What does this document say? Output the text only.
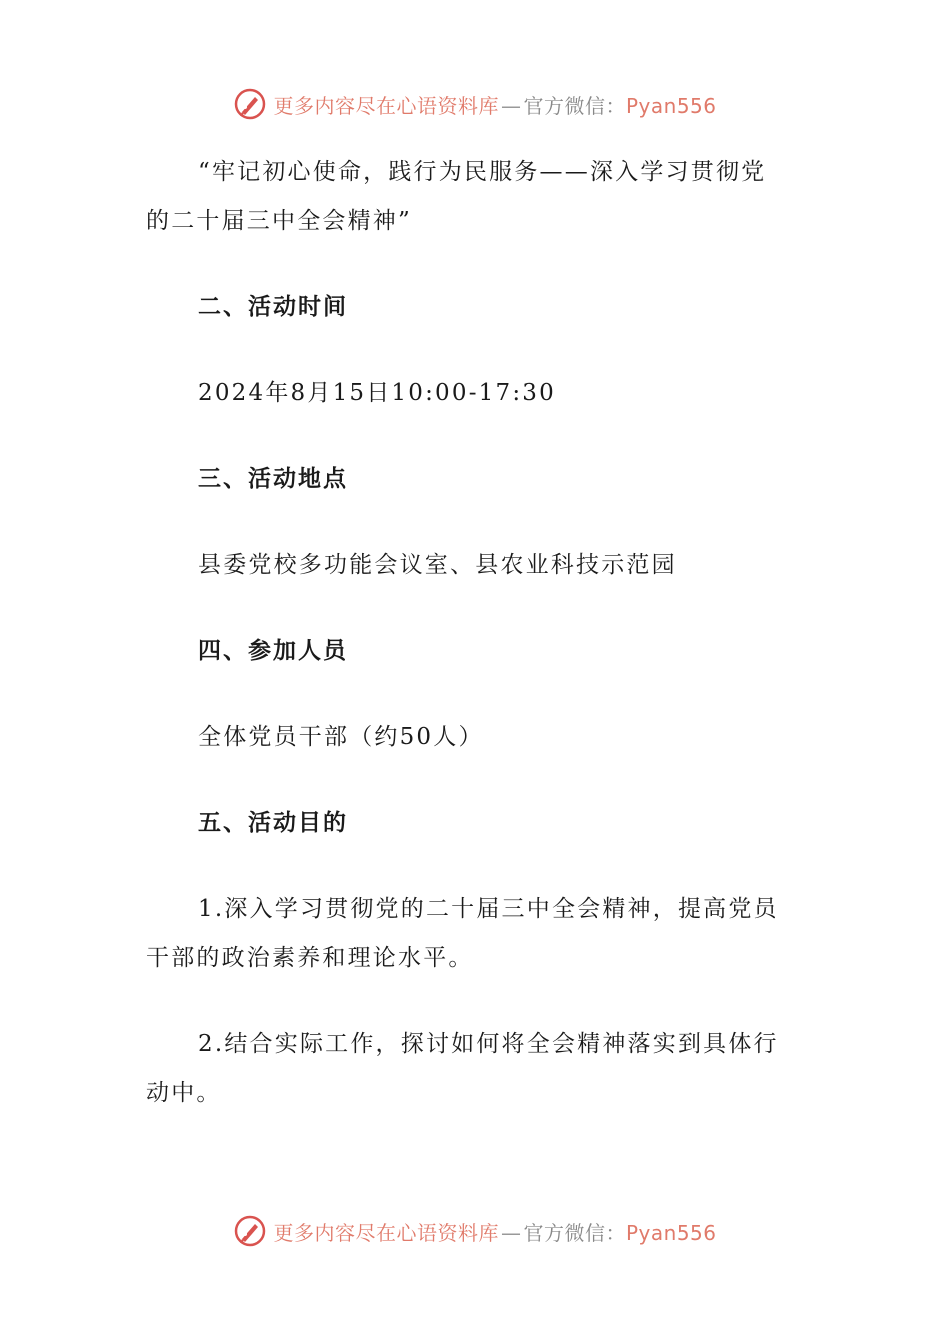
更多内容尽在心语资料库 — 官方微信：Pyan556

“牢记初心使命，践行为民服务——深入学习贯彻党的二十届三中全会精神”

二、活动时间

2024年8月15日10:00-17:30

三、活动地点

县委党校多功能会议室、县农业科技示范园

四、参加人员

全体党员干部（约50人）

五、活动目的

1.深入学习贯彻党的二十届三中全会精神，提高党员干部的政治素养和理论水平。

2.结合实际工作，探讨如何将全会精神落实到具体行动中。

更多内容尽在心语资料库 — 官方微信：Pyan556
